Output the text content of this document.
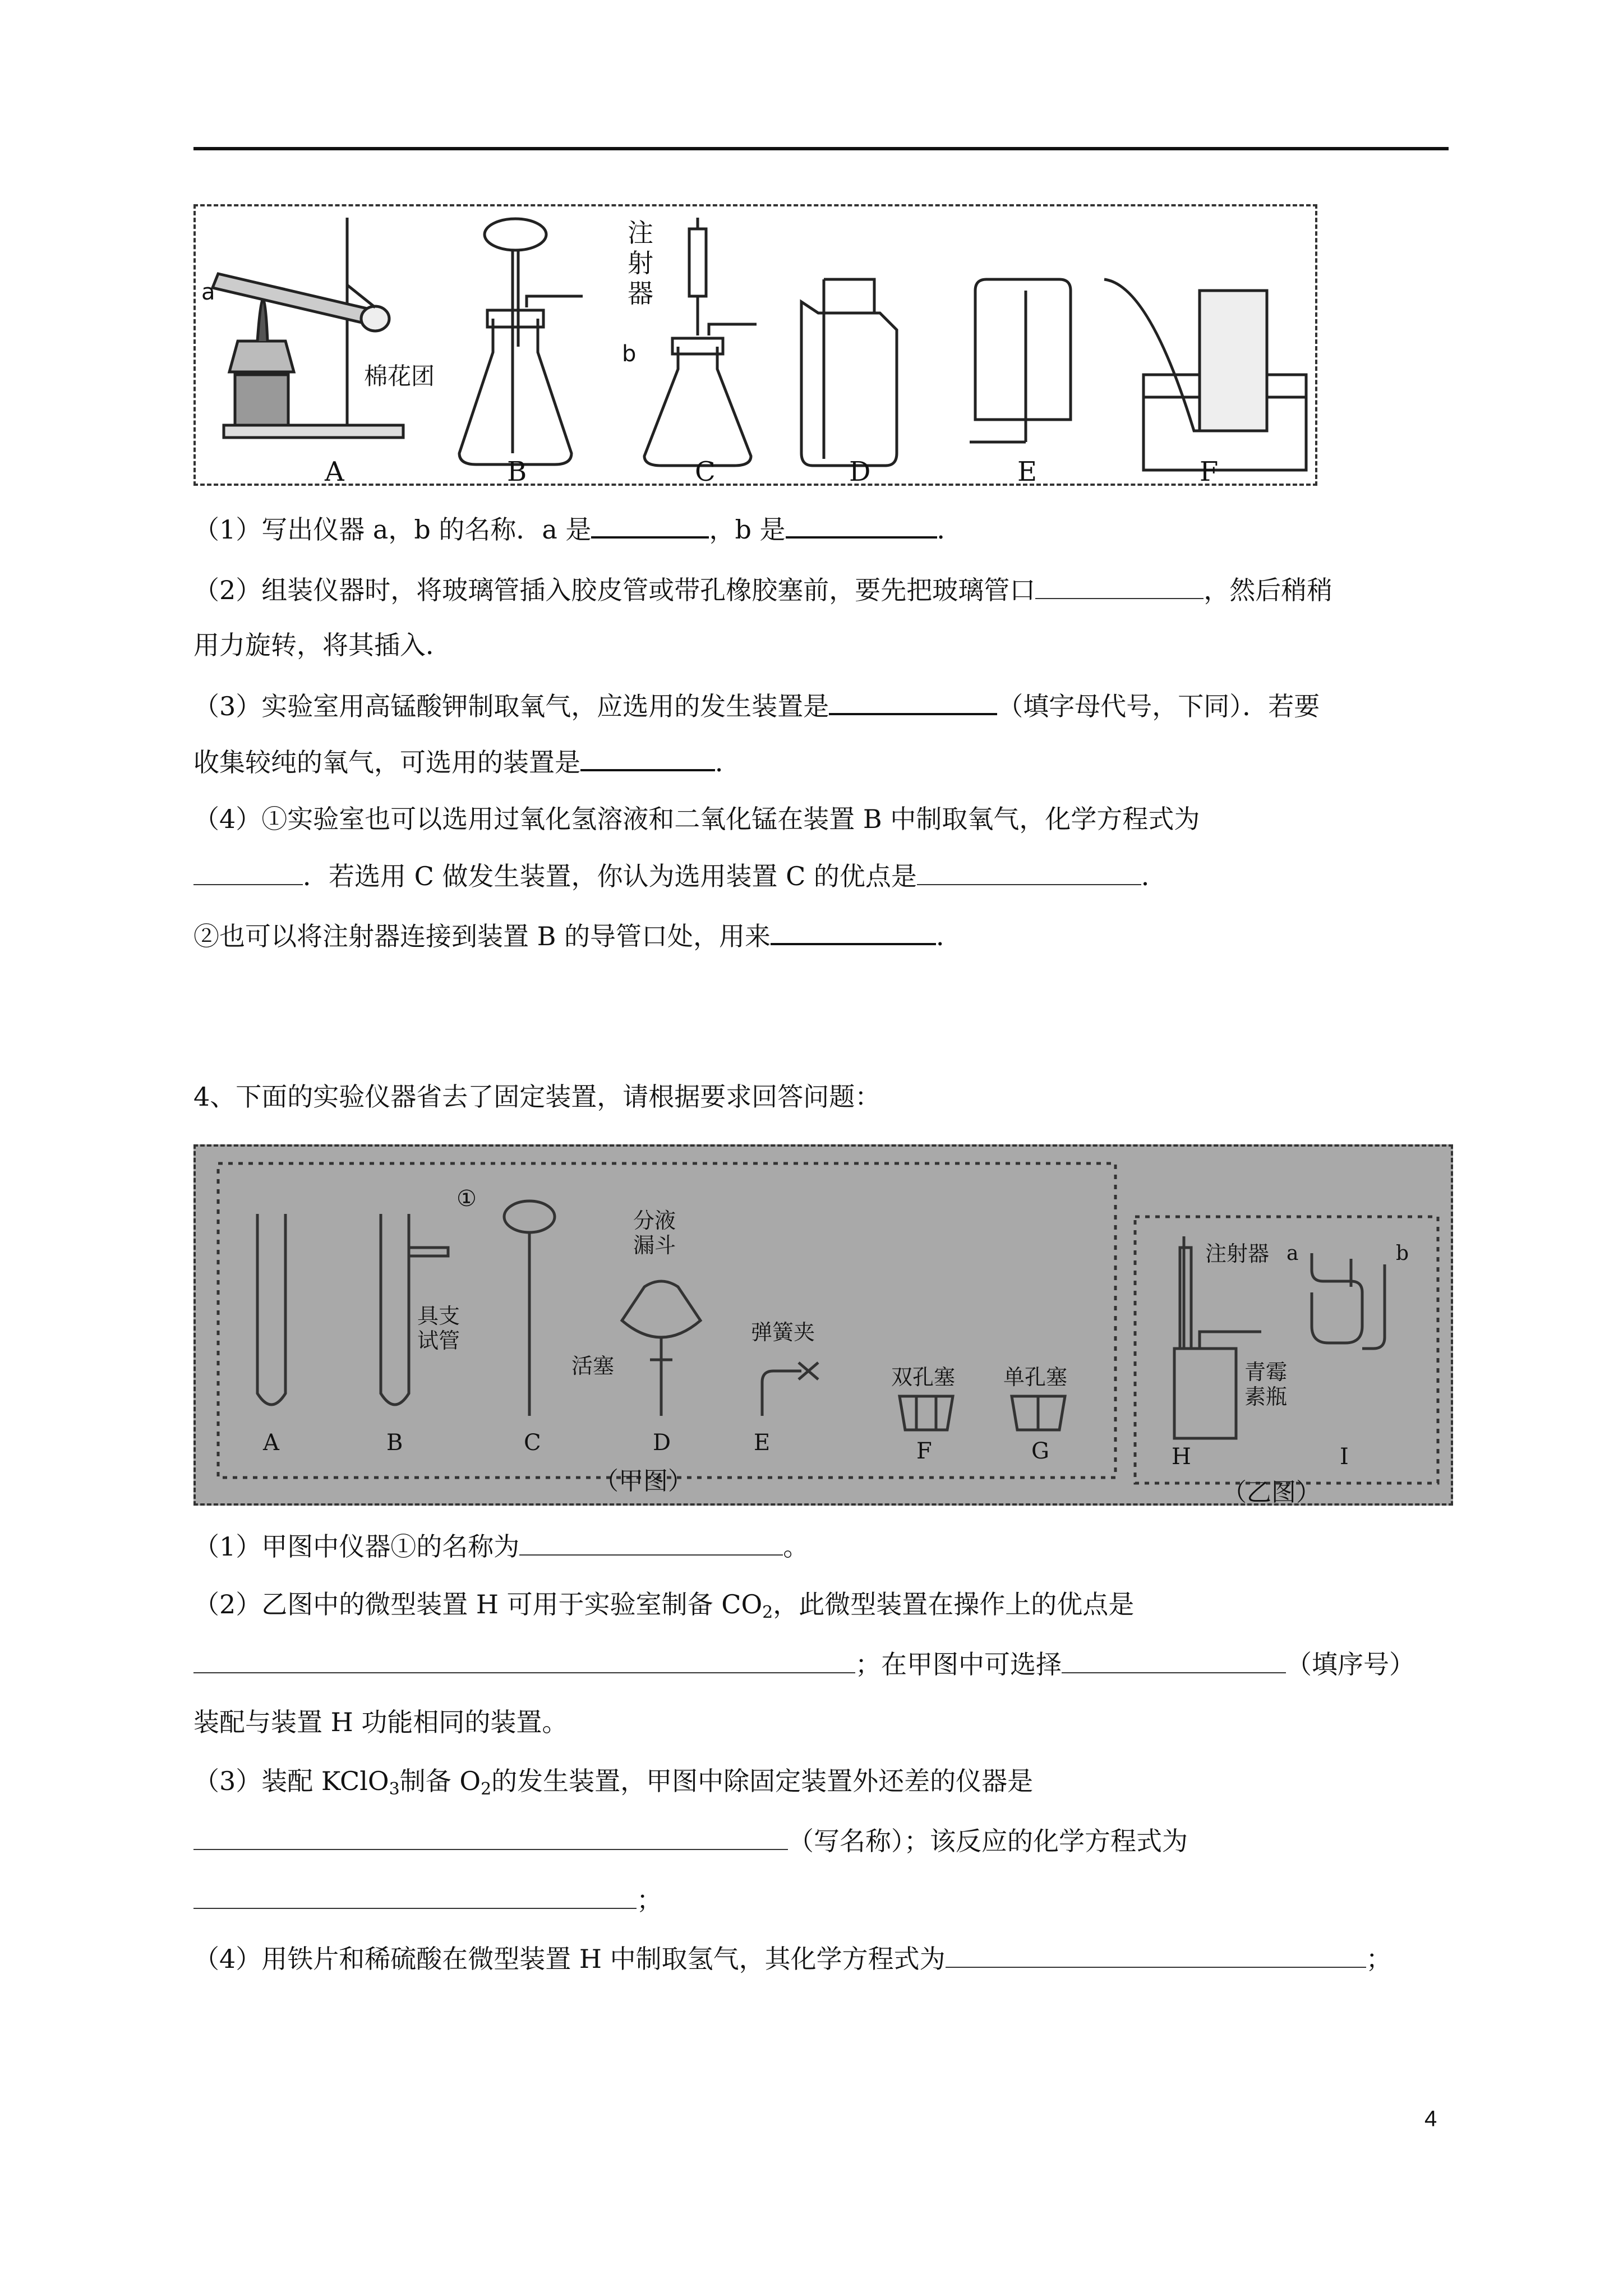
a
棉花团
b
注
射
器
A	B	C	D	E	F
（1）写出仪器 a，b 的名称．a 是	，b 是	．
（2）组装仪器时，将玻璃管插入胶皮管或带孔橡胶塞前，要先把玻璃管口	，然后稍稍
用力旋转，将其插入．
（3）实验室用高锰酸钾制取氧气，应选用的发生装置是	（填字母代号，下同）．若要
收集较纯的氧气，可选用的装置是	．
（4）①实验室也可以选用过氧化氢溶液和二氧化锰在装置 B 中制取氧气，化学方程式为
．若选用 C 做发生装置，你认为选用装置 C 的优点是	．
②也可以将注射器连接到装置 B 的导管口处，用来	．
4、下面的实验仪器省去了固定装置，请根据要求回答问题：
①
具支
试管
分液
漏斗
活塞
弹簧夹
双孔塞 单孔塞
注射器
青霉
素瓶
a	b
A	B	C	D	E	F	G	H	I
（甲图）	（乙图）
（1）甲图中仪器①的名称为	。
（2）乙图中的微型装置 H 可用于实验室制备 $CO_2$，此微型装置在操作上的优点是
；在甲图中可选择	（填序号）
装配与装置 H 功能相同的装置。
（3）装配 KClO$_3$制备 $O_2$的发生装置，甲图中除固定装置外还差的仪器是
（写名称）；该反应的化学方程式为
；
（4）用铁片和稀硫酸在微型装置 H 中制取氢气，其化学方程式为	；
4
